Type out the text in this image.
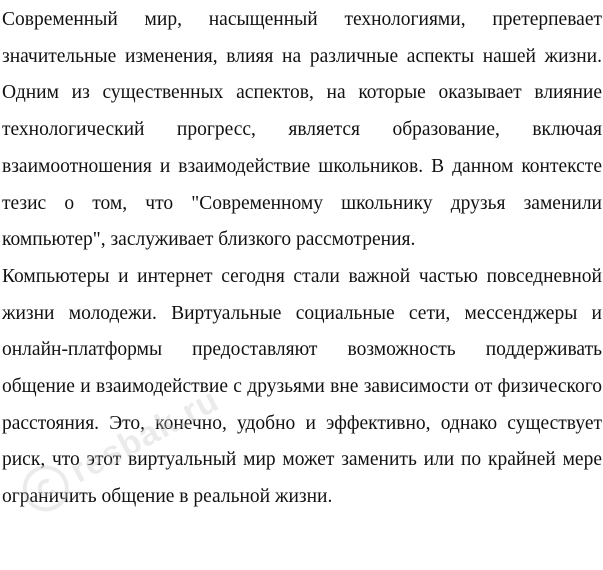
Современный мир, насыщенный технологиями, претерпевает значительные изменения, влияя на различные аспекты нашей жизни. Одним из существенных аспектов, на которые оказывает влияние технологический прогресс, является образование, включая взаимоотношения и взаимодействие школьников. В данном контексте тезис о том, что "Современному школьнику друзья заменили компьютер", заслуживает близкого рассмотрения.

Компьютеры и интернет сегодня стали важной частью повседневной жизни молодежи. Виртуальные социальные сети, мессенджеры и онлайн-платформы предоставляют возможность поддерживать общение и взаимодействие с друзьями вне зависимости от физического расстояния. Это, конечно, удобно и эффективно, однако существует риск, что этот виртуальный мир может заменить или по крайней мере ограничить общение в реальной жизни.

resbak.ru
